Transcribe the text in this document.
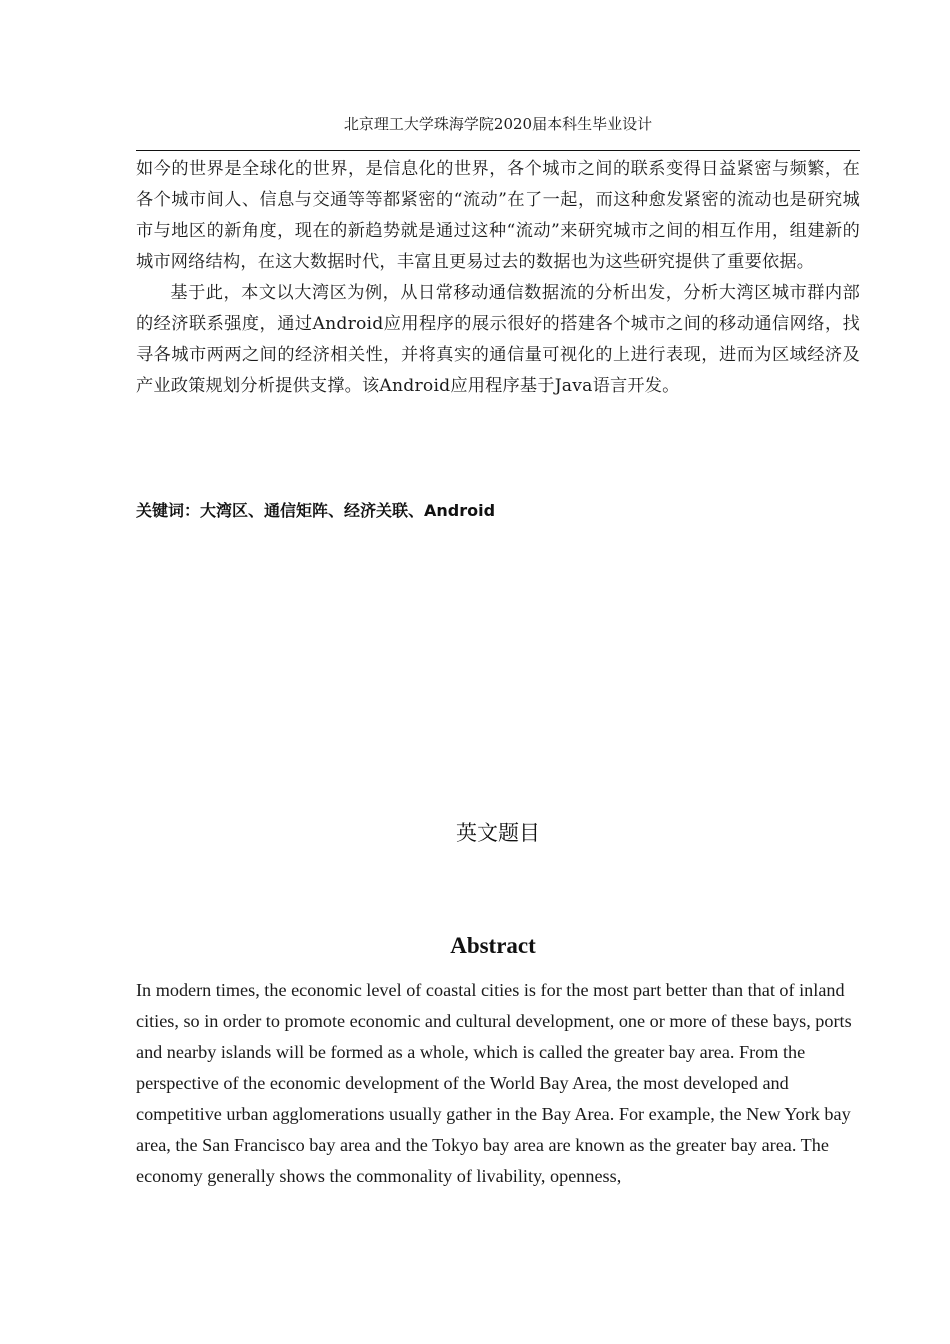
北京理工大学珠海学院2020届本科生毕业设计

如今的世界是全球化的世界，是信息化的世界，各个城市之间的联系变得日益紧密与频繁，在各个城市间人、信息与交通等等都紧密的“流动”在了一起，而这种愈发紧密的流动也是研究城市与地区的新角度，现在的新趋势就是通过这种“流动”来研究城市之间的相互作用，组建新的城市网络结构，在这大数据时代，丰富且更易过去的数据也为这些研究提供了重要依据。

基于此，本文以大湾区为例，从日常移动通信数据流的分析出发，分析大湾区城市群内部的经济联系强度，通过Android应用程序的展示很好的搭建各个城市之间的移动通信网络，找寻各城市两两之间的经济相关性，并将真实的通信量可视化的上进行表现，进而为区域经济及产业政策规划分析提供支撑。该Android应用程序基于Java语言开发。

关键词：大湾区、通信矩阵、经济关联、Android
英文题目
Abstract

In modern times, the economic level of coastal cities is for the most part better than that of inland cities, so in order to promote economic and cultural development, one or more of these bays, ports and nearby islands will be formed as a whole, which is called the greater bay area. From the perspective of the economic development of the World Bay Area, the most developed and competitive urban agglomerations usually gather in the Bay Area. For example, the New York bay area, the San Francisco bay area and the Tokyo bay area are known as the greater bay area. The economy generally shows the commonality of livability, openness,
